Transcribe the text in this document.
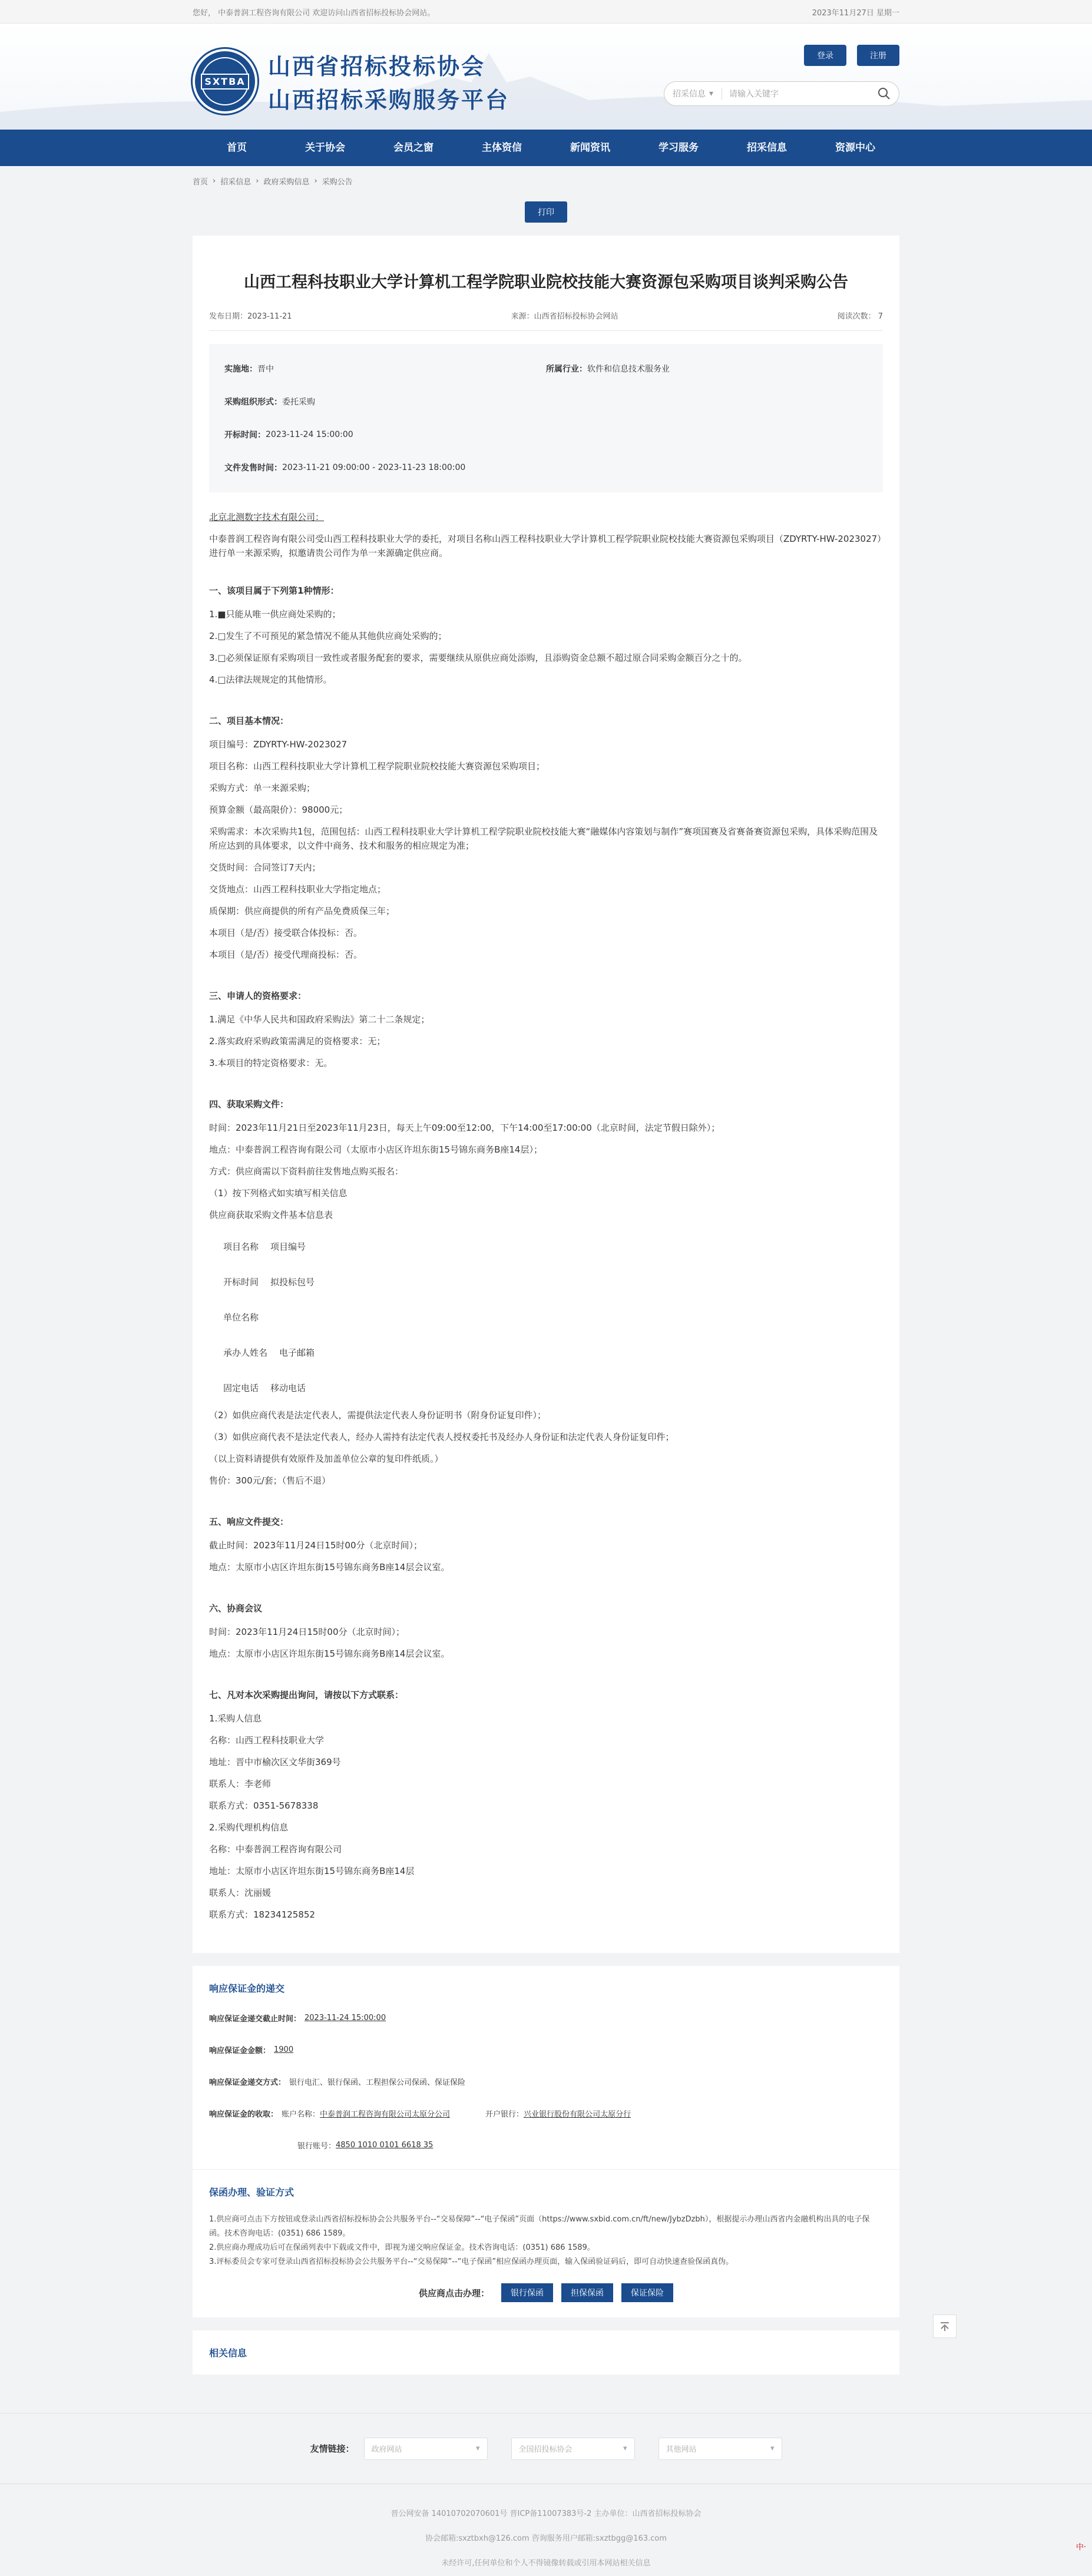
您好， 中泰普润工程咨询有限公司 欢迎访问山西省招标投标协会网站。	2023年11月27日 星期一
SXTBA
山西省招标投标协会
山西招标采购服务平台
登录	注册
招采信息 ▾ 请输入关键字
首页	关于协会	会员之窗	主体资信	新闻资讯	学习服务	招采信息	资源中心
首页 › 招采信息 › 政府采购信息 › 采购公告
打印
山西工程科技职业大学计算机工程学院职业院校技能大赛资源包采购项目谈判采购公告
发布日期：2023-11-21	来源：山西省招标投标协会网站	阅读次数： 7
实施地： 晋中	所属行业： 软件和信息技术服务业
采购组织形式： 委托采购
开标时间： 2023-11-24 15:00:00
文件发售时间： 2023-11-21 09:00:00 - 2023-11-23 18:00:00

北京北测数字技术有限公司：

中泰普润工程咨询有限公司受山西工程科技职业大学的委托，对项目名称山西工程科技职业大学计算机工程学院职业院校技能大赛资源包采购项目（ZDYRTY-HW-2023027）进行单一来源采购，拟邀请贵公司作为单一来源确定供应商。

一、该项目属于下列第1种情形：

1.■只能从唯一供应商处采购的；

2.□发生了不可预见的紧急情况不能从其他供应商处采购的；

3.□必须保证原有采购项目一致性或者服务配套的要求，需要继续从原供应商处添购，且添购资金总额不超过原合同采购金额百分之十的。

4.□法律法规规定的其他情形。

二、项目基本情况：

项目编号：ZDYRTY-HW-2023027

项目名称：山西工程科技职业大学计算机工程学院职业院校技能大赛资源包采购项目；

采购方式：单一来源采购；

预算金额（最高限价）：98000元；

采购需求：本次采购共1包，范围包括：山西工程科技职业大学计算机工程学院职业院校技能大赛“融媒体内容策划与制作”赛项国赛及省赛备赛资源包采购，具体采购范围及所应达到的具体要求，以文件中商务、技术和服务的相应规定为准；

交货时间：合同签订7天内；

交货地点：山西工程科技职业大学指定地点；

质保期：供应商提供的所有产品免费质保三年；

本项目（是/否）接受联合体投标：否。

本项目（是/否）接受代理商投标：否。

三、申请人的资格要求：

1.满足《中华人民共和国政府采购法》第二十二条规定；

2.落实政府采购政策需满足的资格要求：无；

3.本项目的特定资格要求：无。

四、获取采购文件：

时间：2023年11月21日至2023年11月23日，每天上午09:00至12:00，下午14:00至17:00:00（北京时间，法定节假日除外）；

地点：中泰普润工程咨询有限公司（太原市小店区许坦东街15号锦东商务B座14层）；

方式：供应商需以下资料前往发售地点购买报名：

（1）按下列格式如实填写相关信息

供应商获取采购文件基本信息表

项目名称 项目编号
开标时间 拟投标包号
单位名称
承办人姓名 电子邮箱
固定电话 移动电话

（2）如供应商代表是法定代表人，需提供法定代表人身份证明书（附身份证复印件）；

（3）如供应商代表不是法定代表人，经办人需持有法定代表人授权委托书及经办人身份证和法定代表人身份证复印件；

（以上资料请提供有效原件及加盖单位公章的复印件纸质。）

售价：300元/套；（售后不退）

五、响应文件提交：

截止时间：2023年11月24日15时00分（北京时间）；

地点：太原市小店区许坦东街15号锦东商务B座14层会议室。

六、协商会议

时间：2023年11月24日15时00分（北京时间）；

地点：太原市小店区许坦东街15号锦东商务B座14层会议室。

七、凡对本次采购提出询问，请按以下方式联系：

1.采购人信息

名称：山西工程科技职业大学

地址：晋中市榆次区文华街369号

联系人：李老师

联系方式：0351-5678338

2.采购代理机构信息

名称：中泰普润工程咨询有限公司

地址：太原市小店区许坦东街15号锦东商务B座14层

联系人：沈丽媛

联系方式：18234125852

响应保证金的递交
响应保证金递交截止时间： 2023-11-24 15:00:00
响应保证金金额： 1900
响应保证金递交方式： 银行电汇、银行保函、工程担保公司保函、保证保险
响应保证金的收取： 账户名称： 中泰普润工程咨询有限公司太原分公司	开户银行： 兴业银行股份有限公司太原分行
银行账号： 4850 1010 0101 6618 35
保函办理、验证方式
1.供应商可点击下方按钮或登录山西省招标投标协会公共服务平台--“交易保障”--“电子保函”页面（https://www.sxbid.com.cn/ft/new/JybzDzbh），根据提示办理山西省内金融机构出具的电子保函。技术咨询电话：(0351) 686 1589。
2.供应商办理成功后可在保函列表中下载或文件中，即视为递交响应保证金。技术咨询电话：(0351) 686 1589。
3.评标委员会专家可登录山西省招标投标协会公共服务平台--“交易保障”--“电子保函”相应保函办理页面，输入保函验证码后，即可自动快速查验保函真伪。
供应商点击办理：	银行保函	担保保函	保证保险
相关信息
友情链接： 政府网站	▾	全国招投标协会	▾	其他网站	▾
晋公网安备 14010702070601号 晋ICP备11007383号-2 主办单位：山西省招标投标协会
协会邮箱:sxztbxh@126.com 咨询服务用户邮箱:sxztbgg@163.com
未经许可,任何单位和个人不得镜像转载或引用本网站相关信息
中·
